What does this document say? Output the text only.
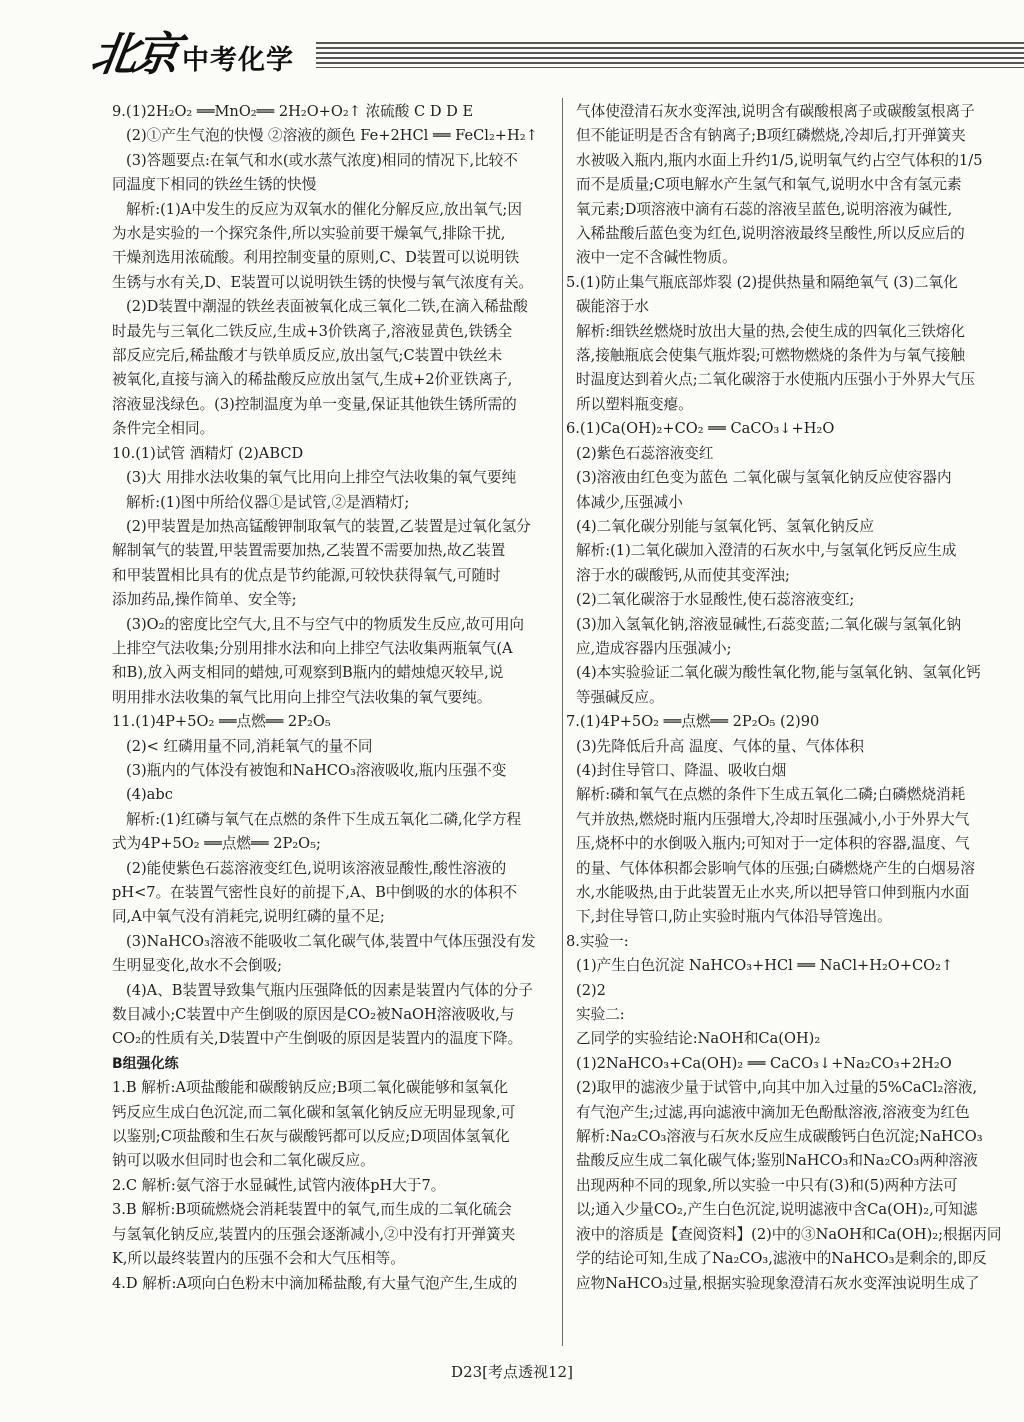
北京 中考化学

9.(1)2H₂O₂ ══MnO₂══ 2H₂O+O₂↑ 浓硫酸 C D D E

(2)①产生气泡的快慢 ②溶液的颜色 Fe+2HCl ══ FeCl₂+H₂↑

(3)答题要点:在氧气和水(或水蒸气浓度)相同的情况下,比较不

同温度下相同的铁丝生锈的快慢

解析:(1)A中发生的反应为双氧水的催化分解反应,放出氧气;因

为水是实验的一个探究条件,所以实验前要干燥氧气,排除干扰,

干燥剂选用浓硫酸。利用控制变量的原则,C、D装置可以说明铁

生锈与水有关,D、E装置可以说明铁生锈的快慢与氧气浓度有关。

(2)D装置中潮湿的铁丝表面被氧化成三氧化二铁,在滴入稀盐酸

时最先与三氧化二铁反应,生成+3价铁离子,溶液显黄色,铁锈全

部反应完后,稀盐酸才与铁单质反应,放出氢气;C装置中铁丝未

被氧化,直接与滴入的稀盐酸反应放出氢气,生成+2价亚铁离子,

溶液显浅绿色。(3)控制温度为单一变量,保证其他铁生锈所需的

条件完全相同。

10.(1)试管 酒精灯 (2)ABCD

(3)大 用排水法收集的氧气比用向上排空气法收集的氧气要纯

解析:(1)图中所给仪器①是试管,②是酒精灯;

(2)甲装置是加热高锰酸钾制取氧气的装置,乙装置是过氧化氢分

解制氧气的装置,甲装置需要加热,乙装置不需要加热,故乙装置

和甲装置相比具有的优点是节约能源,可较快获得氧气,可随时

添加药品,操作简单、安全等;

(3)O₂的密度比空气大,且不与空气中的物质发生反应,故可用向

上排空气法收集;分别用排水法和向上排空气法收集两瓶氧气(A

和B),放入两支相同的蜡烛,可观察到B瓶内的蜡烛熄灭较早,说

明用排水法收集的氧气比用向上排空气法收集的氧气要纯。

11.(1)4P+5O₂ ══点燃══ 2P₂O₅

(2)< 红磷用量不同,消耗氧气的量不同

(3)瓶内的气体没有被饱和NaHCO₃溶液吸收,瓶内压强不变

(4)abc

解析:(1)红磷与氧气在点燃的条件下生成五氧化二磷,化学方程

式为4P+5O₂ ══点燃══ 2P₂O₅;

(2)能使紫色石蕊溶液变红色,说明该溶液显酸性,酸性溶液的

pH<7。在装置气密性良好的前提下,A、B中倒吸的水的体积不

同,A中氧气没有消耗完,说明红磷的量不足;

(3)NaHCO₃溶液不能吸收二氧化碳气体,装置中气体压强没有发

生明显变化,故水不会倒吸;

(4)A、B装置导致集气瓶内压强降低的因素是装置内气体的分子

数目减小;C装置中产生倒吸的原因是CO₂被NaOH溶液吸收,与

CO₂的性质有关,D装置中产生倒吸的原因是装置内的温度下降。

B组强化练

1.B 解析:A项盐酸能和碳酸钠反应;B项二氧化碳能够和氢氧化

钙反应生成白色沉淀,而二氧化碳和氢氧化钠反应无明显现象,可

以鉴别;C项盐酸和生石灰与碳酸钙都可以反应;D项固体氢氧化

钠可以吸水但同时也会和二氧化碳反应。

2.C 解析:氨气溶于水显碱性,试管内液体pH大于7。

3.B 解析:B项硫燃烧会消耗装置中的氧气,而生成的二氧化硫会

与氢氧化钠反应,装置内的压强会逐渐减小,②中没有打开弹簧夹

K,所以最终装置内的压强不会和大气压相等。

4.D 解析:A项向白色粉末中滴加稀盐酸,有大量气泡产生,生成的

气体使澄清石灰水变浑浊,说明含有碳酸根离子或碳酸氢根离子

但不能证明是否含有钠离子;B项红磷燃烧,冷却后,打开弹簧夹

水被吸入瓶内,瓶内水面上升约1/5,说明氧气约占空气体积的1/5

而不是质量;C项电解水产生氢气和氧气,说明水中含有氢元素

氧元素;D项溶液中滴有石蕊的溶液呈蓝色,说明溶液为碱性,

入稀盐酸后蓝色变为红色,说明溶液最终呈酸性,所以反应后的

液中一定不含碱性物质。

5.(1)防止集气瓶底部炸裂 (2)提供热量和隔绝氧气 (3)二氧化

碳能溶于水

解析:细铁丝燃烧时放出大量的热,会使生成的四氧化三铁熔化

落,接触瓶底会使集气瓶炸裂;可燃物燃烧的条件为与氧气接触

时温度达到着火点;二氧化碳溶于水使瓶内压强小于外界大气压

所以塑料瓶变瘪。

6.(1)Ca(OH)₂+CO₂ ══ CaCO₃↓+H₂O

(2)紫色石蕊溶液变红

(3)溶液由红色变为蓝色 二氧化碳与氢氧化钠反应使容器内

体减少,压强减小

(4)二氧化碳分别能与氢氧化钙、氢氧化钠反应

解析:(1)二氧化碳加入澄清的石灰水中,与氢氧化钙反应生成

溶于水的碳酸钙,从而使其变浑浊;

(2)二氧化碳溶于水显酸性,使石蕊溶液变红;

(3)加入氢氧化钠,溶液显碱性,石蕊变蓝;二氧化碳与氢氧化钠

应,造成容器内压强减小;

(4)本实验验证二氧化碳为酸性氧化物,能与氢氧化钠、氢氧化钙

等强碱反应。

7.(1)4P+5O₂ ══点燃══ 2P₂O₅ (2)90

(3)先降低后升高 温度、气体的量、气体体积

(4)封住导管口、降温、吸收白烟

解析:磷和氧气在点燃的条件下生成五氧化二磷;白磷燃烧消耗

气并放热,燃烧时瓶内压强增大,冷却时压强减小,小于外界大气

压,烧杯中的水倒吸入瓶内;可知对于一定体积的容器,温度、气

的量、气体体积都会影响气体的压强;白磷燃烧产生的白烟易溶

水,水能吸热,由于此装置无止水夹,所以把导管口伸到瓶内水面

下,封住导管口,防止实验时瓶内气体沿导管逸出。

8.实验一:

(1)产生白色沉淀 NaHCO₃+HCl ══ NaCl+H₂O+CO₂↑

(2)2

实验二:

乙同学的实验结论:NaOH和Ca(OH)₂

(1)2NaHCO₃+Ca(OH)₂ ══ CaCO₃↓+Na₂CO₃+2H₂O

(2)取甲的滤液少量于试管中,向其中加入过量的5%CaCl₂溶液,

有气泡产生;过滤,再向滤液中滴加无色酚酞溶液,溶液变为红色

解析:Na₂CO₃溶液与石灰水反应生成碳酸钙白色沉淀;NaHCO₃

盐酸反应生成二氧化碳气体;鉴别NaHCO₃和Na₂CO₃两种溶液

出现两种不同的现象,所以实验一中只有(3)和(5)两种方法可

以;通入少量CO₂,产生白色沉淀,说明滤液中含Ca(OH)₂,可知滤

液中的溶质是【查阅资料】(2)中的③NaOH和Ca(OH)₂;根据丙同

学的结论可知,生成了Na₂CO₃,滤液中的NaHCO₃是剩余的,即反

应物NaHCO₃过量,根据实验现象澄清石灰水变浑浊说明生成了

D23[考点透视12]
